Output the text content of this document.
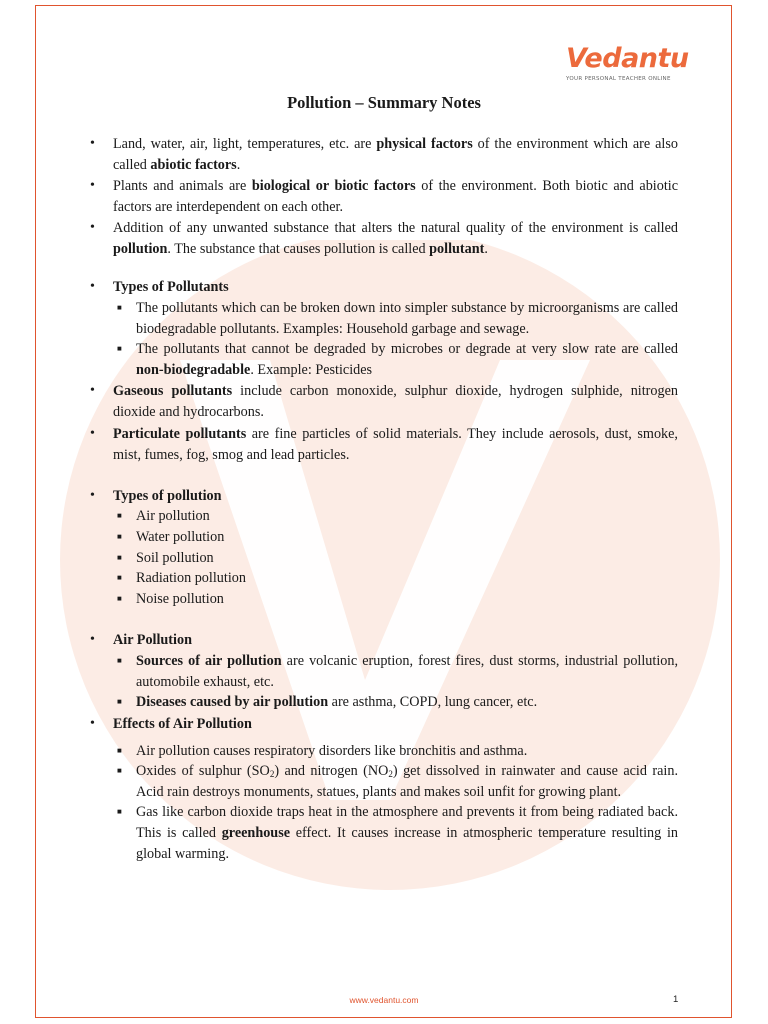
Vedantu
YOUR PERSONAL TEACHER ONLINE
Pollution – Summary Notes
• Land, water, air, light, temperatures, etc. are physical factors of the environment which are also called abiotic factors.
• Plants and animals are biological or biotic factors of the environment. Both biotic and abiotic factors are interdependent on each other.
• Addition of any unwanted substance that alters the natural quality of the environment is called pollution. The substance that causes pollution is called pollutant.
• Types of Pollutants
■ The pollutants which can be broken down into simpler substance by microorganisms are called biodegradable pollutants. Examples: Household garbage and sewage.
■ The pollutants that cannot be degraded by microbes or degrade at very slow rate are called non-biodegradable. Example: Pesticides
• Gaseous pollutants include carbon monoxide, sulphur dioxide, hydrogen sulphide, nitrogen dioxide and hydrocarbons.
• Particulate pollutants are fine particles of solid materials. They include aerosols, dust, smoke, mist, fumes, fog, smog and lead particles.
• Types of pollution
■ Air pollution
■ Water pollution
■ Soil pollution
■ Radiation pollution
■ Noise pollution
• Air Pollution
■ Sources of air pollution are volcanic eruption, forest fires, dust storms, industrial pollution, automobile exhaust, etc.
■ Diseases caused by air pollution are asthma, COPD, lung cancer, etc.
• Effects of Air Pollution
■ Air pollution causes respiratory disorders like bronchitis and asthma.
■ Oxides of sulphur $(SO_2)$ and nitrogen $(NO_2)$ get dissolved in rainwater and cause acid rain. Acid rain destroys monuments, statues, plants and makes soil unfit for growing plant.
■ Gas like carbon dioxide traps heat in the atmosphere and prevents it from being radiated back. This is called greenhouse effect. It causes increase in atmospheric temperature resulting in global warming.
www.vedantu.com	1
